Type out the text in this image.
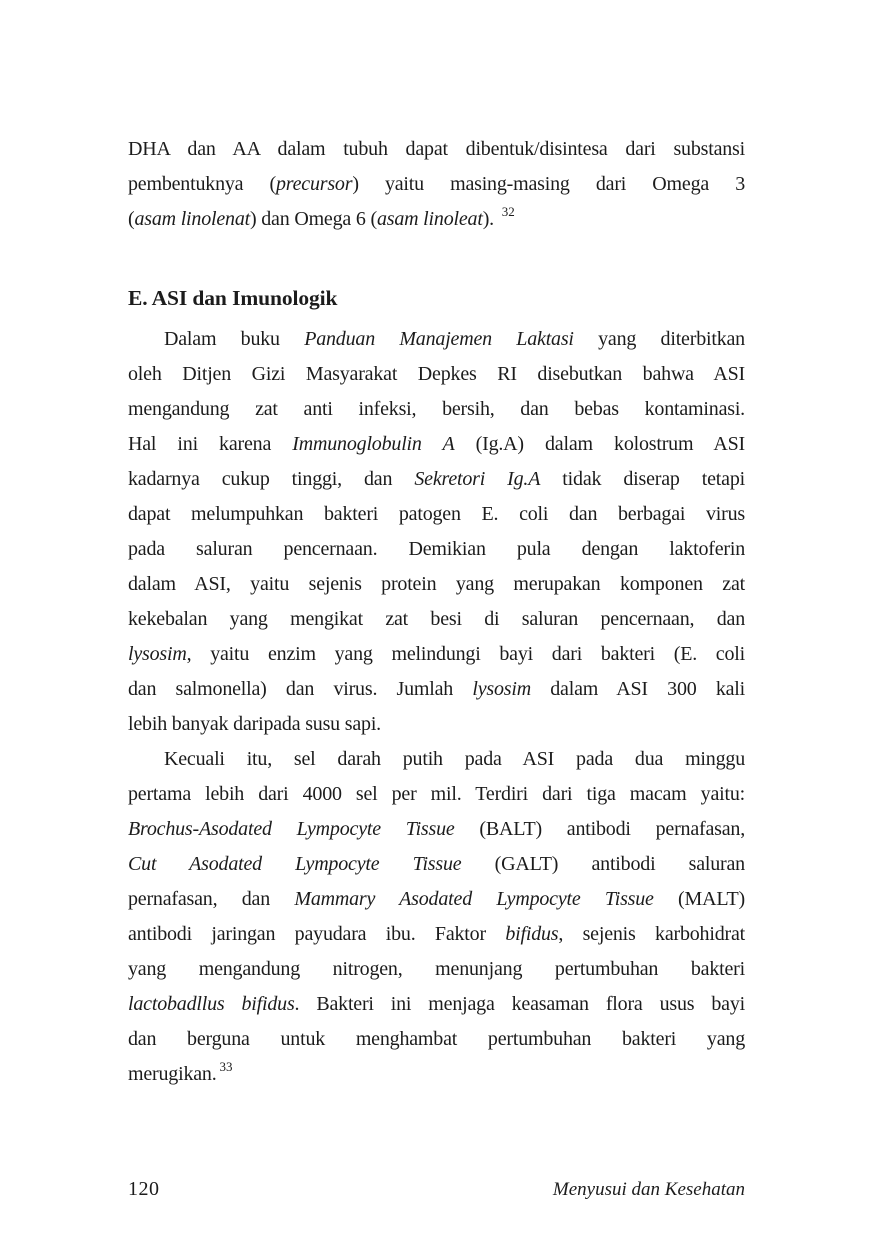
DHA dan AA dalam tubuh dapat dibentuk/disintesa dari substansi
pembentuknya (precursor) yaitu masing-masing dari Omega 3
(asam linolenat) dan Omega 6 (asam linoleat). $^{32}$
E. ASI dan Imunologik
Dalam buku Panduan Manajemen Laktasi yang diterbitkan
oleh Ditjen Gizi Masyarakat Depkes RI disebutkan bahwa ASI
mengandung zat anti infeksi, bersih, dan bebas kontaminasi.
Hal ini karena Immunoglobulin A (Ig.A) dalam kolostrum ASI
kadarnya cukup tinggi, dan Sekretori Ig.A tidak diserap tetapi
dapat melumpuhkan bakteri patogen E. coli dan berbagai virus
pada saluran pencernaan. Demikian pula dengan laktoferin
dalam ASI, yaitu sejenis protein yang merupakan komponen zat
kekebalan yang mengikat zat besi di saluran pencernaan, dan
lysosim, yaitu enzim yang melindungi bayi dari bakteri (E. coli
dan salmonella) dan virus. Jumlah lysosim dalam ASI 300 kali
lebih banyak daripada susu sapi.
Kecuali itu, sel darah putih pada ASI pada dua minggu
pertama lebih dari 4000 sel per mil. Terdiri dari tiga macam yaitu:
Brochus-Asodated Lympocyte Tissue (BALT) antibodi pernafasan,
Cut Asodated Lympocyte Tissue (GALT) antibodi saluran
pernafasan, dan Mammary Asodated Lympocyte Tissue (MALT)
antibodi jaringan payudara ibu. Faktor bifidus, sejenis karbohidrat
yang mengandung nitrogen, menunjang pertumbuhan bakteri
lactobadllus bifidus. Bakteri ini menjaga keasaman flora usus bayi
dan berguna untuk menghambat pertumbuhan bakteri yang
merugikan. $^{33}$
120	Menyusui dan Kesehatan
